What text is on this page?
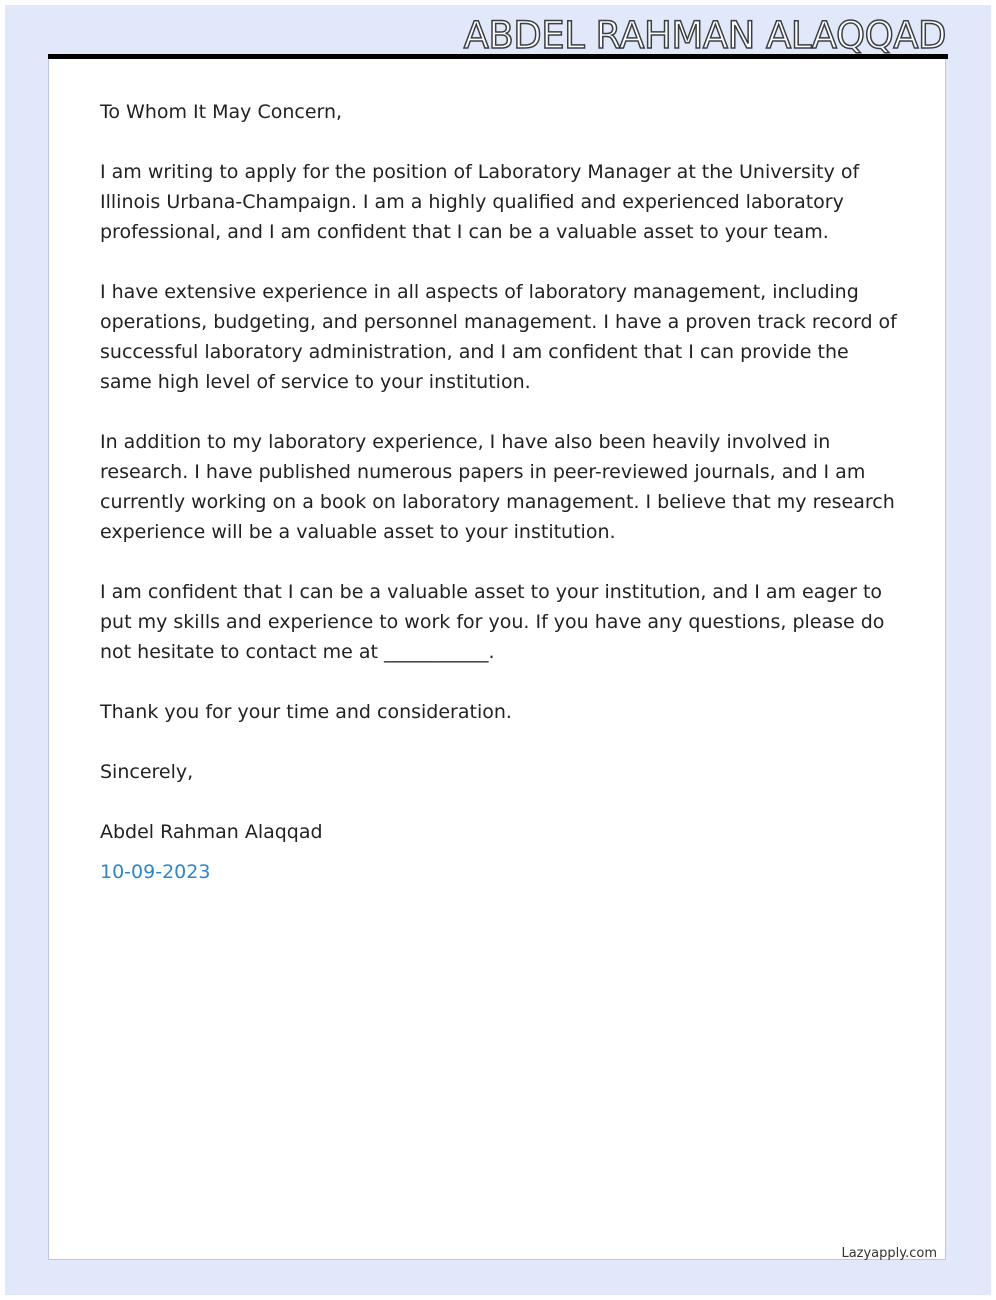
ABDEL RAHMAN ALAQQAD

To Whom It May Concern,

I am writing to apply for the position of Laboratory Manager at the University of Illinois Urbana-Champaign. I am a highly qualified and experienced laboratory professional, and I am confident that I can be a valuable asset to your team.

I have extensive experience in all aspects of laboratory management, including operations, budgeting, and personnel management. I have a proven track record of successful laboratory administration, and I am confident that I can provide the same high level of service to your institution.

In addition to my laboratory experience, I have also been heavily involved in research. I have published numerous papers in peer-reviewed journals, and I am currently working on a book on laboratory management. I believe that my research experience will be a valuable asset to your institution.

I am confident that I can be a valuable asset to your institution, and I am eager to put my skills and experience to work for you. If you have any questions, please do not hesitate to contact me at ___________.

Thank you for your time and consideration.

Sincerely,

Abdel Rahman Alaqqad

10-09-2023

Lazyapply.com
